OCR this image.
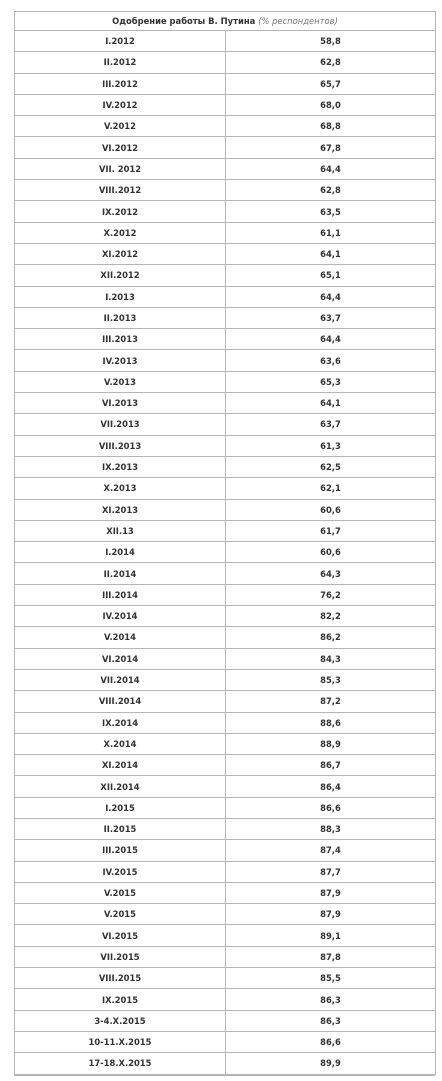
Одобрение работы В. Путина (% респондентов)	
I.2012	58,8
II.2012	62,8
III.2012	65,7
IV.2012	68,0
V.2012	68,8
VI.2012	67,8
VII. 2012	64,4
VIII.2012	62,8
IX.2012	63,5
X.2012	61,1
XI.2012	64,1
XII.2012	65,1
I.2013	64,4
II.2013	63,7
III.2013	64,4
IV.2013	63,6
V.2013	65,3
VI.2013	64,1
VII.2013	63,7
VIII.2013	61,3
IX.2013	62,5
X.2013	62,1
XI.2013	60,6
XII.13	61,7
I.2014	60,6
II.2014	64,3
III.2014	76,2
IV.2014	82,2
V.2014	86,2
VI.2014	84,3
VII.2014	85,3
VIII.2014	87,2
IX.2014	88,6
X.2014	88,9
XI.2014	86,7
XII.2014	86,4
I.2015	86,6
II.2015	88,3
III.2015	87,4
IV.2015	87,7
V.2015	87,9
V.2015	87,9
VI.2015	89,1
VII.2015	87,8
VIII.2015	85,5
IX.2015	86,3
3-4.X.2015	86,3
10-11.X.2015	86,6
17-18.X.2015	89,9
